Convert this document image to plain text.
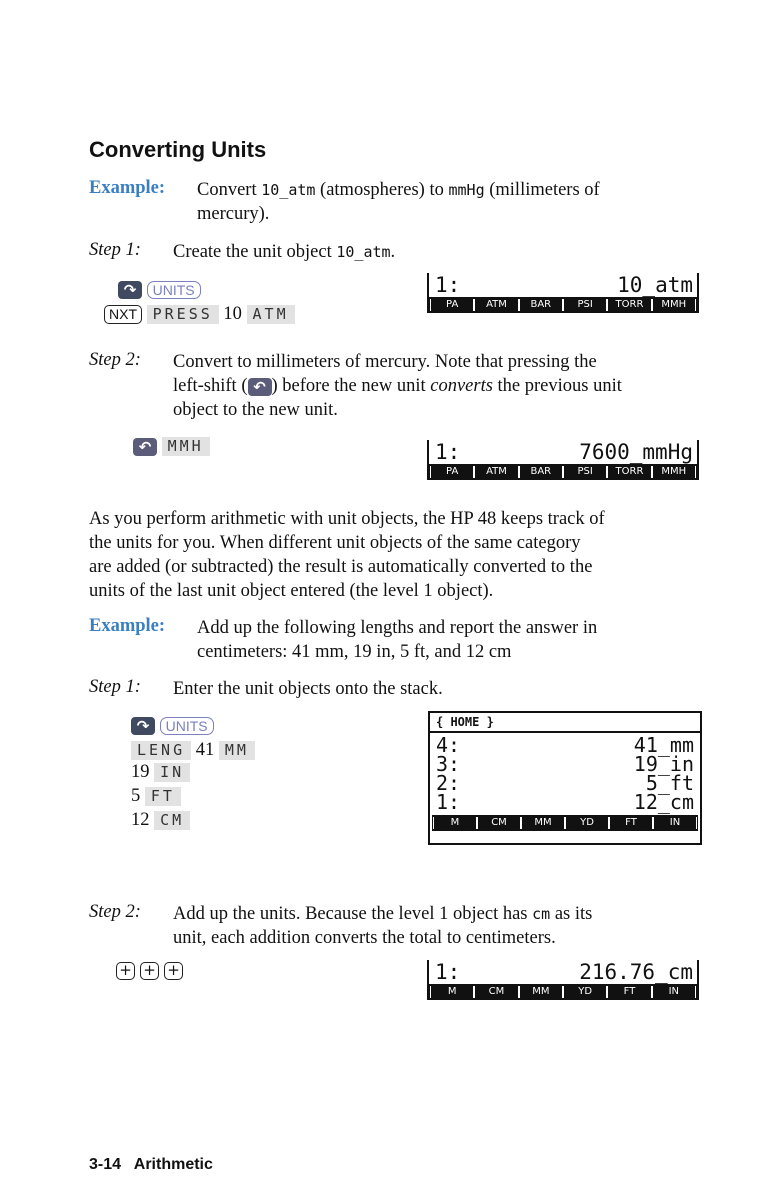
Converting Units
Example: Convert 10_atm (atmospheres) to mmHg (millimeters of
mercury).
Step 1: Create the unit object 10_atm.
↷ UNITS
NXT PRESS 10 ATM
1:	10_atm
PA	ATM	BAR	PSI	TORR	MMH
Step 2: Convert to millimeters of mercury. Note that pressing the
left-shift ( ↶ ) before the new unit converts the previous unit
object to the new unit.
↶ MMH	1:	7600_mmHg
PA	ATM	BAR	PSI	TORR	MMH
As you perform arithmetic with unit objects, the HP 48 keeps track of
the units for you. When different unit objects of the same category
are added (or subtracted) the result is automatically converted to the
units of the last unit object entered (the level 1 object).
Example: Add up the following lengths and report the answer in
centimeters: 41 mm, 19 in, 5 ft, and 12 cm
Step 1: Enter the unit objects onto the stack.
↷ UNITS
LENG 41 MM
19 IN
5 FT
12 CM
{ HOME }
4:	41_mm
3:	19_in
2:	5_ft
1:	12_cm
M	CM	MM	YD	FT	IN
Step 2: Add up the units. Because the level 1 object has cm as its
unit, each addition converts the total to centimeters.
+ + +	1:	216.76_cm
M	CM	MM	YD	FT	IN
3-14   Arithmetic
